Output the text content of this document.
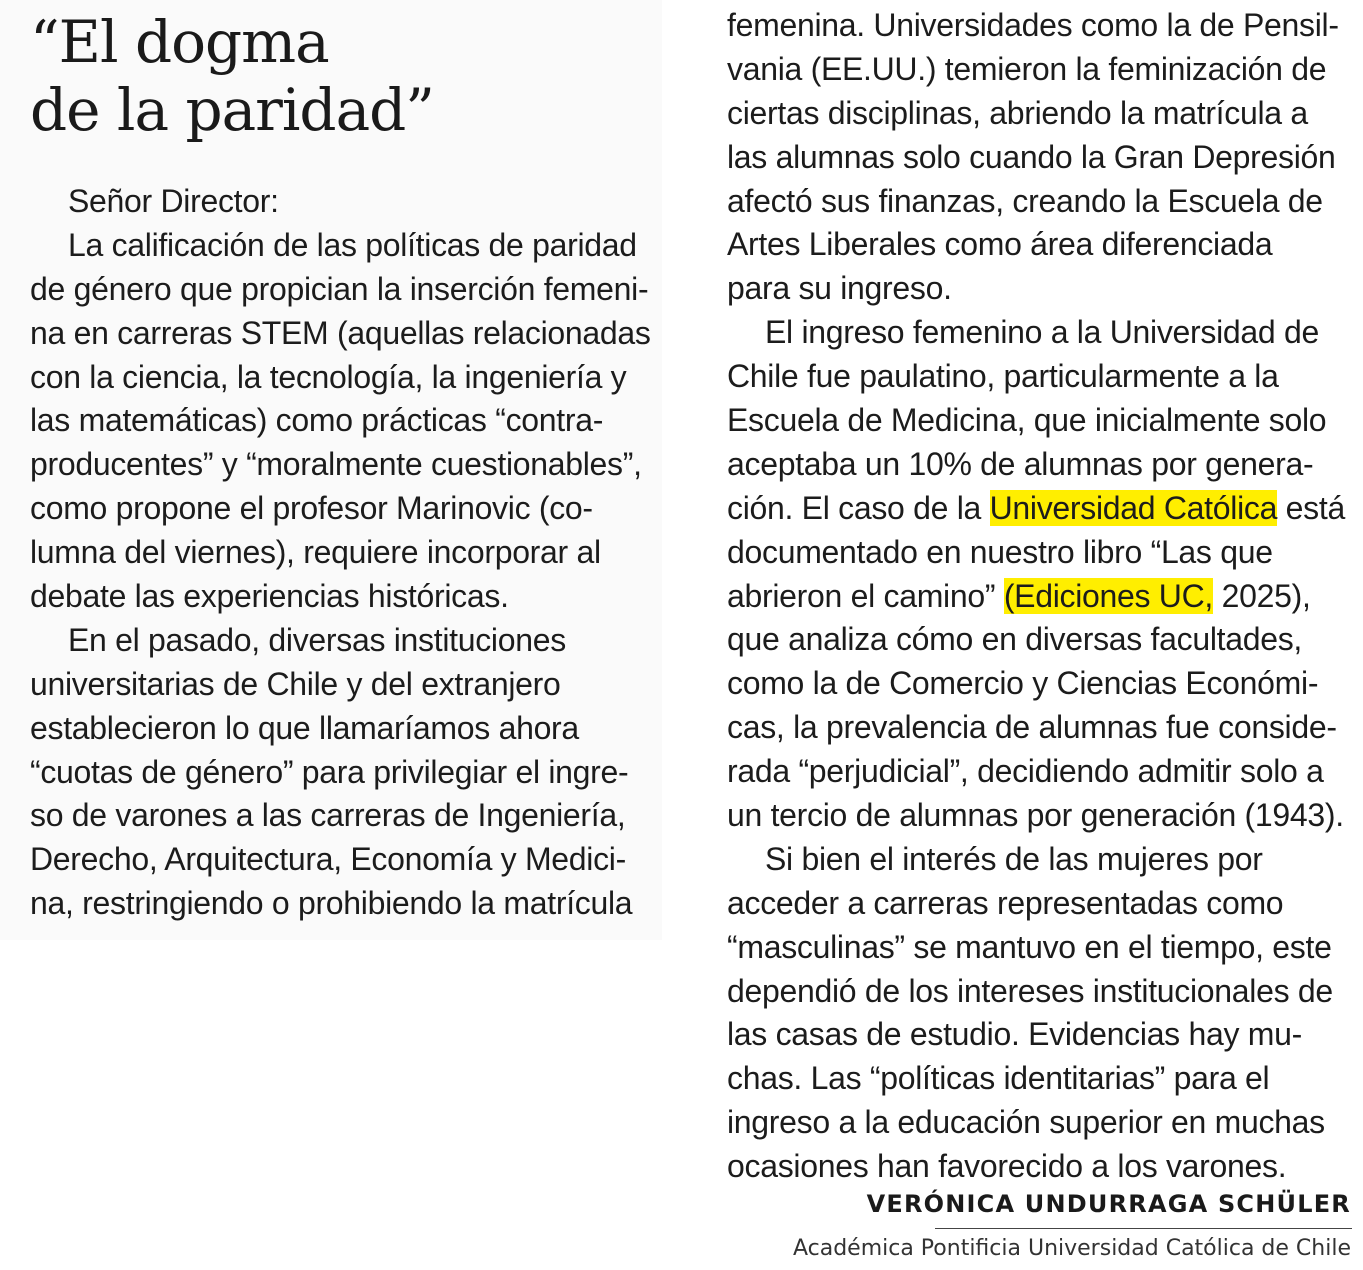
“El dogma
de la paridad”
Señor Director:
La calificación de las políticas de paridad
de género que propician la inserción femeni-
na en carreras STEM (aquellas relacionadas
con la ciencia, la tecnología, la ingeniería y
las matemáticas) como prácticas “contra-
producentes” y “moralmente cuestionables”,
como propone el profesor Marinovic (co-
lumna del viernes), requiere incorporar al
debate las experiencias históricas.
En el pasado, diversas instituciones
universitarias de Chile y del extranjero
establecieron lo que llamaríamos ahora
“cuotas de género” para privilegiar el ingre-
so de varones a las carreras de Ingeniería,
Derecho, Arquitectura, Economía y Medici-
na, restringiendo o prohibiendo la matrícula
femenina. Universidades como la de Pensil-
vania (EE.UU.) temieron la feminización de
ciertas disciplinas, abriendo la matrícula a
las alumnas solo cuando la Gran Depresión
afectó sus finanzas, creando la Escuela de
Artes Liberales como área diferenciada
para su ingreso.
El ingreso femenino a la Universidad de
Chile fue paulatino, particularmente a la
Escuela de Medicina, que inicialmente solo
aceptaba un 10% de alumnas por genera-
ción. El caso de la Universidad Católica está
documentado en nuestro libro “Las que
abrieron el camino” (Ediciones UC, 2025),
que analiza cómo en diversas facultades,
como la de Comercio y Ciencias Económi-
cas, la prevalencia de alumnas fue conside-
rada “perjudicial”, decidiendo admitir solo a
un tercio de alumnas por generación (1943).
Si bien el interés de las mujeres por
acceder a carreras representadas como
“masculinas” se mantuvo en el tiempo, este
dependió de los intereses institucionales de
las casas de estudio. Evidencias hay mu-
chas. Las “políticas identitarias” para el
ingreso a la educación superior en muchas
ocasiones han favorecido a los varones.
VERÓNICA UNDURRAGA SCHÜLER
Académica Pontificia Universidad Católica de Chile
